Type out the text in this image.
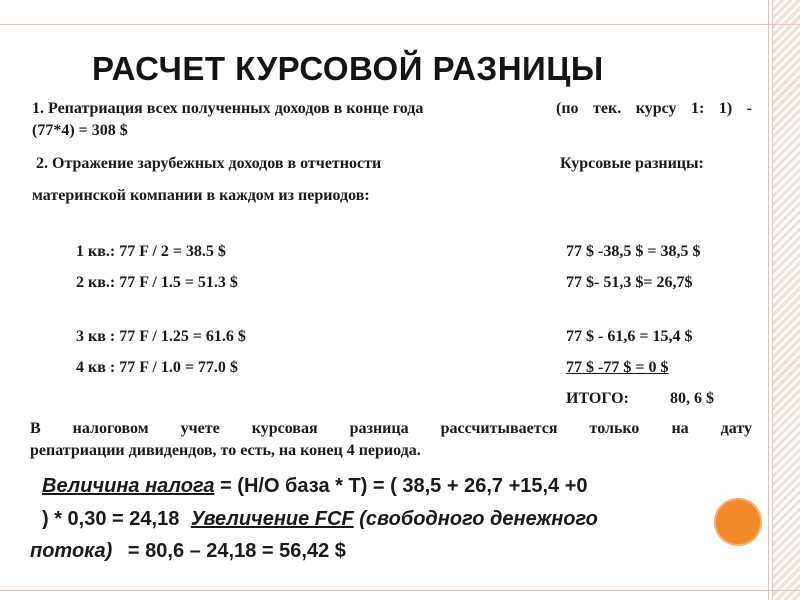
РАСЧЕТ КУРСОВОЙ РАЗНИЦЫ
1. Репатриация всех полученных доходов в конце года	(по тек. курсу 1: 1) -
(77*4) = 308 $
2. Отражение зарубежных доходов в отчетности	Курсовые разницы:
материнской компании в каждом из периодов:
1 кв.: 77 F / 2 = 38.5 $	77 $ -38,5 $ = 38,5 $
2 кв.: 77 F / 1.5 = 51.3 $	77 $- 51,3 $= 26,7$
3 кв : 77 F / 1.25 = 61.6 $	77 $ - 61,6 = 15,4 $
4 кв : 77 F / 1.0 = 77.0 $	77 $ -77 $ = 0 $
ИТОГО:	80, 6 $
В налоговом учете курсовая разница рассчитывается только на дату
репатриации дивидендов, то есть, на конец 4 периода.
Величина налога = (Н/О база * Т) = ( 38,5 + 26,7 +15,4 +0
) * 0,30 = 24,18 Увеличение FCF (свободного денежного
потока) = 80,6 – 24,18 = 56,42 $
